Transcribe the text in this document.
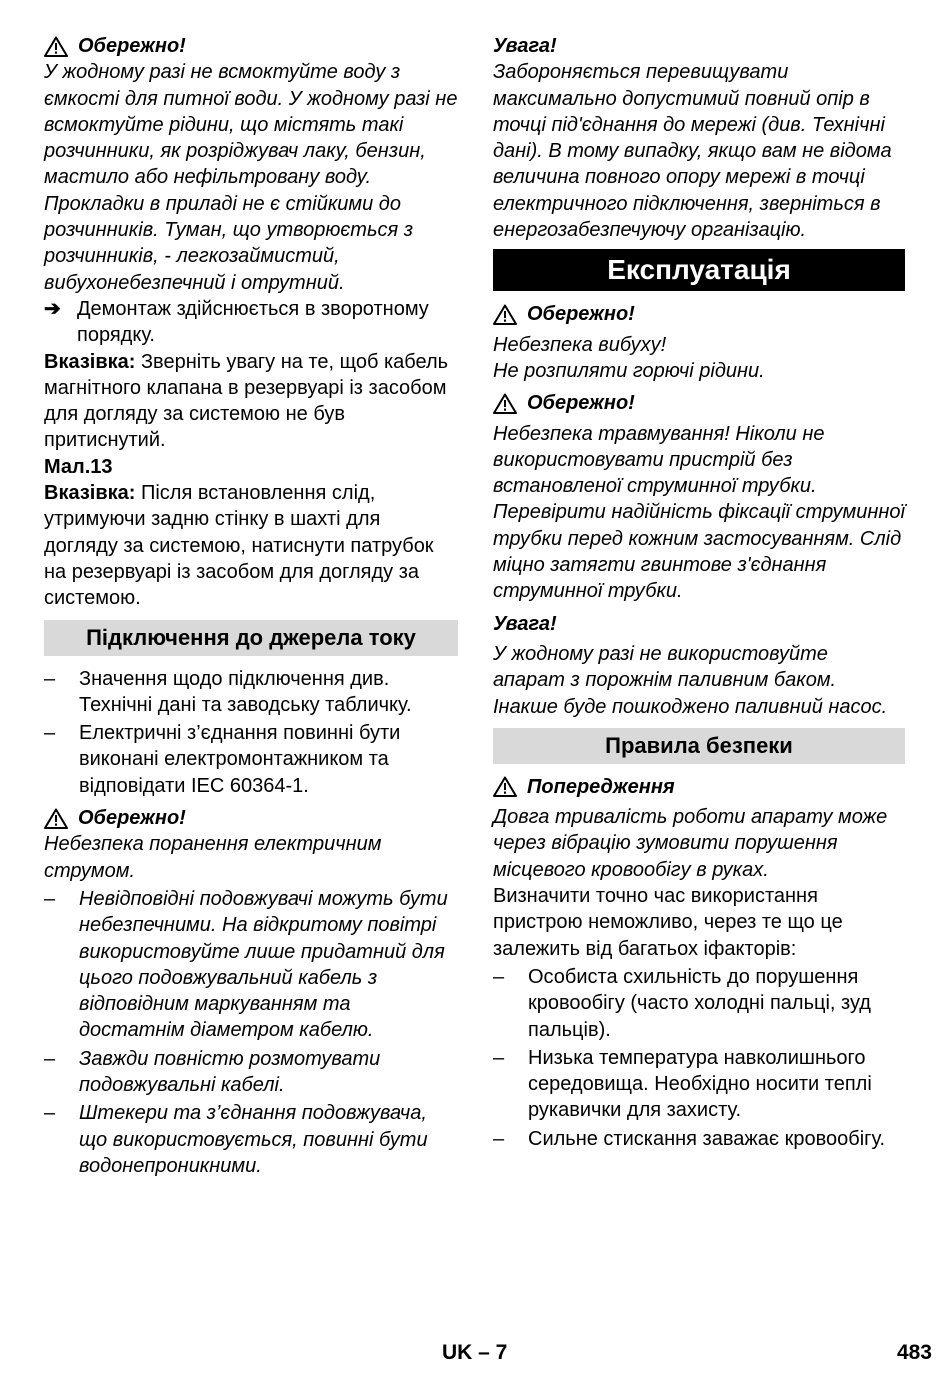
Обережно!

У жодному разі не всмоктуйте воду з ємкості для питної води. У жодному разі не всмоктуйте рідини, що містять такі розчинники, як розріджувач лаку, бензин, мастило або нефільтровану воду. Прокладки в приладі не є стійкими до розчинників. Туман, що утворюється з розчинників, - легкозаймистий, вибухонебезпечний і отрутний.

➔ Демонтаж здійснюється в зворотному порядку.

Вказівка: Зверніть увагу на те, щоб кабель магнітного клапана в резервуарі із засобом для догляду за системою не був притиснутий.

Мал.13

Вказівка: Після встановлення слід, утримуючи задню стінку в шахті для догляду за системою, натиснути патрубок на резервуарі із засобом для догляду за системою.

Підключення до джерела току
–	Значення щодо підключення див. Технічні дані та заводську табличку.
–	Електричні з’єднання повинні бути виконані електромонтажником та відповідати IEC 60364-1.
Обережно!

Небезпека поранення електричним струмом.

–	Невідповідні подовжувачі можуть бути небезпечними. На відкритому повітрі використовуйте лише придатний для цього подовжувальний кабель з відповідним маркуванням та достатнім діаметром кабелю.
–	Завжди повністю розмотувати подовжувальні кабелі.
–	Штекери та з’єднання подовжувача, що використовується, повинні бути водонепроникними.

Увага!

Забороняється перевищувати максимально допустимий повний опір в точці під'єднання до мережі (див. Технічні дані). В тому випадку, якщо вам не відома величина повного опору мережі в точці електричного підключення, зверніться в енергозабезпечуючу організацію.

Експлуатація
Обережно!

Небезпека вибуху!

Не розпиляти горючі рідини.

Обережно!

Небезпека травмування! Ніколи не використовувати пристрій без встановленої струминної трубки. Перевірити надійність фіксації струминної трубки перед кожним застосуванням. Слід міцно затягти гвинтове з'єднання струминної трубки.

Увага!

У жодному разі не використовуйте апарат з порожнім паливним баком. Інакше буде пошкоджено паливний насос.

Правила безпеки
Попередження

Довга тривалість роботи апарату може через вібрацію зумовити порушення місцевого кровообігу в руках.

Визначити точно час використання пристрою неможливо, через те що це залежить від багатьох іфакторів:

–	Особиста схильність до порушення кровообігу (часто холодні пальці, зуд пальців).
–	Низька температура навколишнього середовища. Необхідно носити теплі рукавички для захисту.
–	Сильне стискання заважає кровообігу.
UK – 7	483
